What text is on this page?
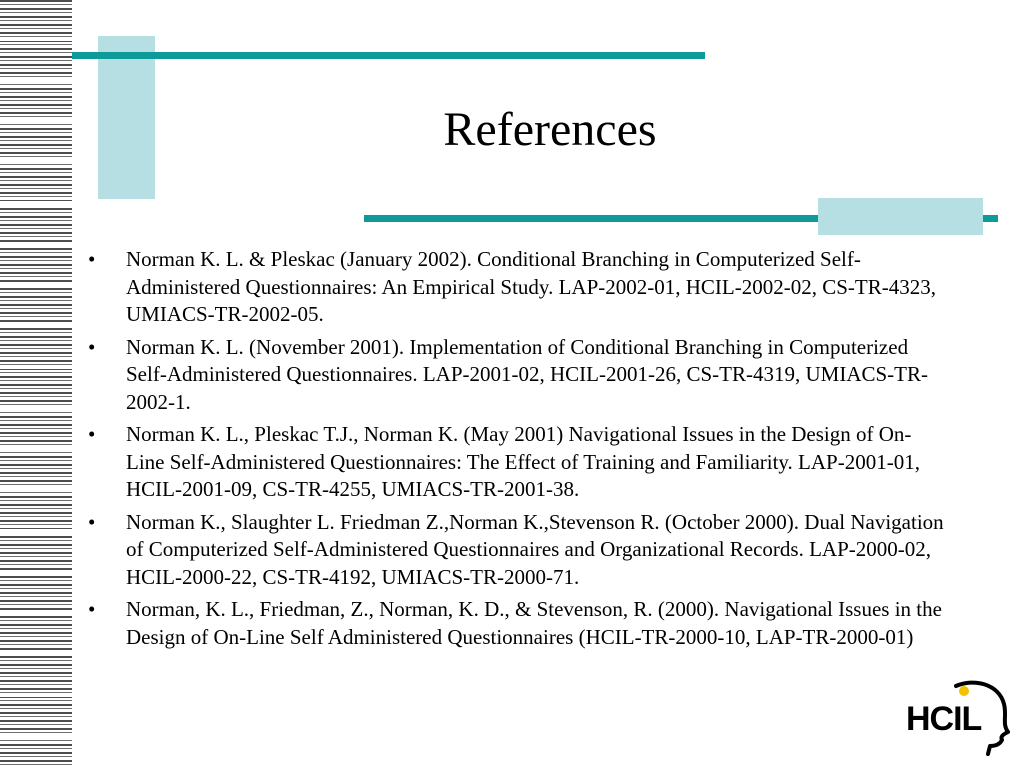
References
• Norman K. L. & Pleskac (January 2002). Conditional Branching in Computerized Self-Administered Questionnaires: An Empirical Study. LAP-2002-01, HCIL-2002-02, CS-TR-4323, UMIACS-TR-2002-05.
• Norman K. L. (November 2001). Implementation of Conditional Branching in Computerized Self-Administered Questionnaires. LAP-2001-02, HCIL-2001-26, CS-TR-4319, UMIACS-TR-2002-1.
• Norman K. L., Pleskac T.J., Norman K. (May 2001) Navigational Issues in the Design of On-Line Self-Administered Questionnaires: The Effect of Training and Familiarity. LAP-2001-01, HCIL-2001-09, CS-TR-4255, UMIACS-TR-2001-38.
• Norman K., Slaughter L. Friedman Z.,Norman K.,Stevenson R. (October 2000). Dual Navigation of Computerized Self-Administered Questionnaires and Organizational Records. LAP-2000-02, HCIL-2000-22, CS-TR-4192, UMIACS-TR-2000-71.
• Norman, K. L., Friedman, Z., Norman, K. D., & Stevenson, R. (2000). Navigational Issues in the Design of On-Line Self Administered Questionnaires (HCIL-TR-2000-10, LAP-TR-2000-01)
HCIL
